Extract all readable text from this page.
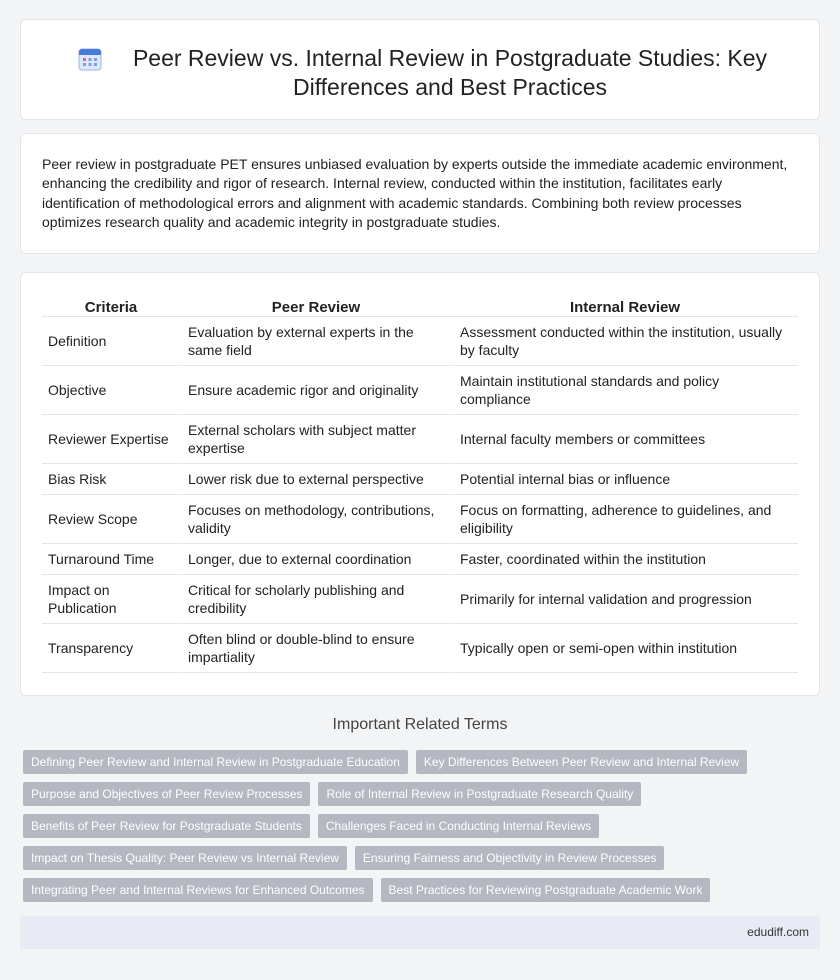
Peer Review vs. Internal Review in Postgraduate Studies: Key Differences and Best Practices

Peer review in postgraduate PET ensures unbiased evaluation by experts outside the immediate academic environment, enhancing the credibility and rigor of research. Internal review, conducted within the institution, facilitates early identification of methodological errors and alignment with academic standards. Combining both review processes optimizes research quality and academic integrity in postgraduate studies.

Criteria	Peer Review	Internal Review
Definition	Evaluation by external experts in the same field	Assessment conducted within the institution, usually by faculty
Objective	Ensure academic rigor and originality	Maintain institutional standards and policy compliance
Reviewer Expertise	External scholars with subject matter expertise	Internal faculty members or committees
Bias Risk	Lower risk due to external perspective	Potential internal bias or influence
Review Scope	Focuses on methodology, contributions, validity	Focus on formatting, adherence to guidelines, and eligibility
Turnaround Time	Longer, due to external coordination	Faster, coordinated within the institution
Impact on Publication	Critical for scholarly publishing and credibility	Primarily for internal validation and progression
Transparency	Often blind or double-blind to ensure impartiality	Typically open or semi-open within institution
Important Related Terms
Defining Peer Review and Internal Review in Postgraduate Education	Key Differences Between Peer Review and Internal Review
Purpose and Objectives of Peer Review Processes	Role of Internal Review in Postgraduate Research Quality
Benefits of Peer Review for Postgraduate Students	Challenges Faced in Conducting Internal Reviews
Impact on Thesis Quality: Peer Review vs Internal Review	Ensuring Fairness and Objectivity in Review Processes
Integrating Peer and Internal Reviews for Enhanced Outcomes	Best Practices for Reviewing Postgraduate Academic Work
edudiff.com
